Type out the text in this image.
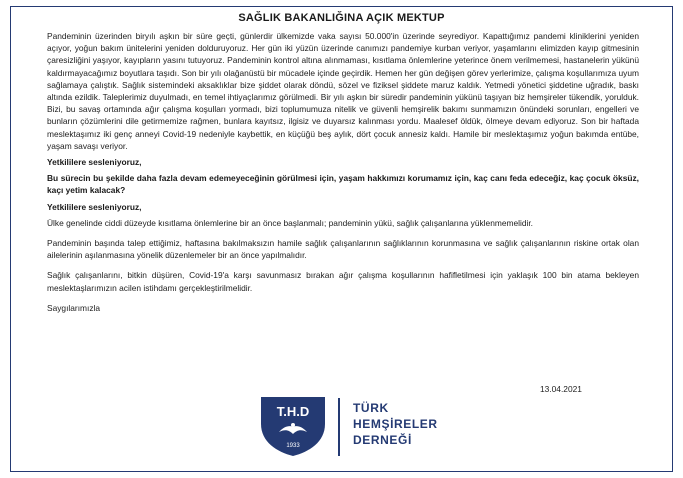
SAĞLIK BAKANLIĞINA AÇIK MEKTUP

Pandeminin üzerinden biryılı aşkın bir süre geçti, günlerdir ülkemizde vaka sayısı 50.000'in üzerinde seyrediyor. Kapattığımız pandemi kliniklerini yeniden açıyor, yoğun bakım ünitelerini yeniden dolduruyoruz. Her gün iki yüzün üzerinde canımızı pandemiye kurban veriyor, yaşamlarını elimizden kayıp gitmesinin çaresizliğini yaşıyor, kayıpların yasını tutuyoruz. Pandeminin kontrol altına alınmaması, kısıtlama önlemlerine yeterince önem verilmemesi, hastanelerin yükünü kaldırmayacağımız boyutlara taşıdı. Son bir yılı olağanüstü bir mücadele içinde geçirdik. Hemen her gün değişen görev yerlerimize, çalışma koşullarımıza uyum sağlamaya çalıştık. Sağlık sistemindeki aksaklıklar bize şiddet olarak döndü, sözel ve fiziksel şiddete maruz kaldık. Yetmedi yönetici şiddetine uğradık, baskı altında ezildik. Taleplerimiz duyulmadı, en temel ihtiyaçlarımız görülmedi. Bir yılı aşkın bir süredir pandeminin yükünü taşıyan biz hemşireler tükendik, yorulduk. Bizi, bu savaş ortamında ağır çalışma koşulları yormadı, bizi toplumumuza nitelik ve güvenli hemşirelik bakımı sunmamızın önündeki sorunları, engelleri ve bunların çözümlerini dile getirmemize rağmen, bunlara kayıtsız, ilgisiz ve duyarsız kalınması yordu. Maalesef öldük, ölmeye devam ediyoruz. Son bir haftada meslektaşımız iki genç anneyi Covid-19 nedeniyle kaybettik, en küçüğü beş aylık, dört çocuk annesiz kaldı. Hamile bir meslektaşımız yoğun bakımda entübe, yaşam savaşı veriyor.

Yetkililere sesleniyoruz,

Bu sürecin bu şekilde daha fazla devam edemeyeceğinin görülmesi için, yaşam hakkımızı korumamız için, kaç canı feda edeceğiz, kaç çocuk öksüz, kaçı yetim kalacak?

Yetkililere sesleniyoruz,

Ülke genelinde ciddi düzeyde kısıtlama önlemlerine bir an önce başlanmalı; pandeminin yükü, sağlık çalışanlarına yüklenmemelidir.

Pandeminin başında talep ettiğimiz, haftasına bakılmaksızın hamile sağlık çalışanlarının sağlıklarının korunmasına ve sağlık çalışanlarının riskine ortak olan ailelerinin aşılanmasına yönelik düzenlemeler bir an önce yapılmalıdır.

Sağlık çalışanlarını, bitkin düşüren, Covid-19'a karşı savunmasız bırakan ağır çalışma koşullarının hafifletilmesi için yaklaşık 100 bin atama bekleyen meslektaşlarımızın acilen istihdamı gerçekleştirilmelidir.

Saygılarımızla

13.04.2021
T.H.D
1933
TÜRK
HEMŞİRELER
DERNEĞİ
